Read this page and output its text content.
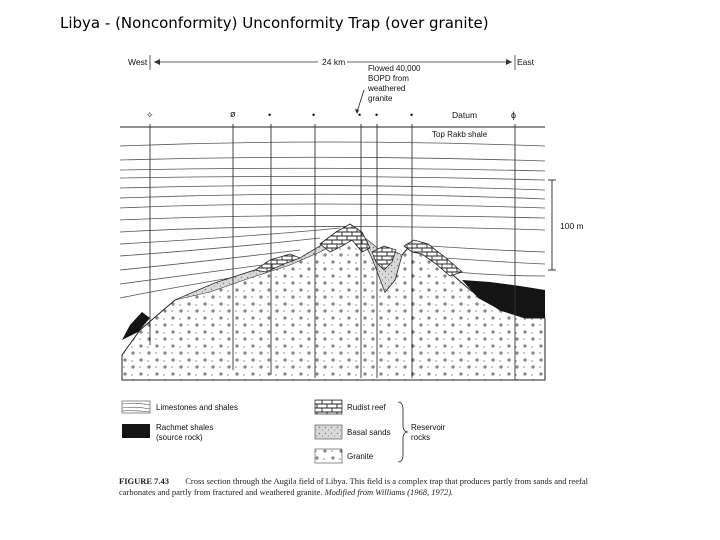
Libya - (Nonconformity) Unconformity Trap (over granite)
West	East
24 km
Flowed 40,000
BOPD from
weathered
granite
✧	ø	•	•	• •	•	ɸ
Datum
Top Rakb shale
100 m
Limestones and shales
Rachmet shales
(source rock)
Rudist reef
Basal sands
Granite
Reservoir
rocks
FIGURE 7.43 Cross section through the Augila field of Libya. This field is a complex trap that produces partly from sands and reefal carbonates and partly from fractured and weathered granite. Modified from Williams (1968, 1972).
